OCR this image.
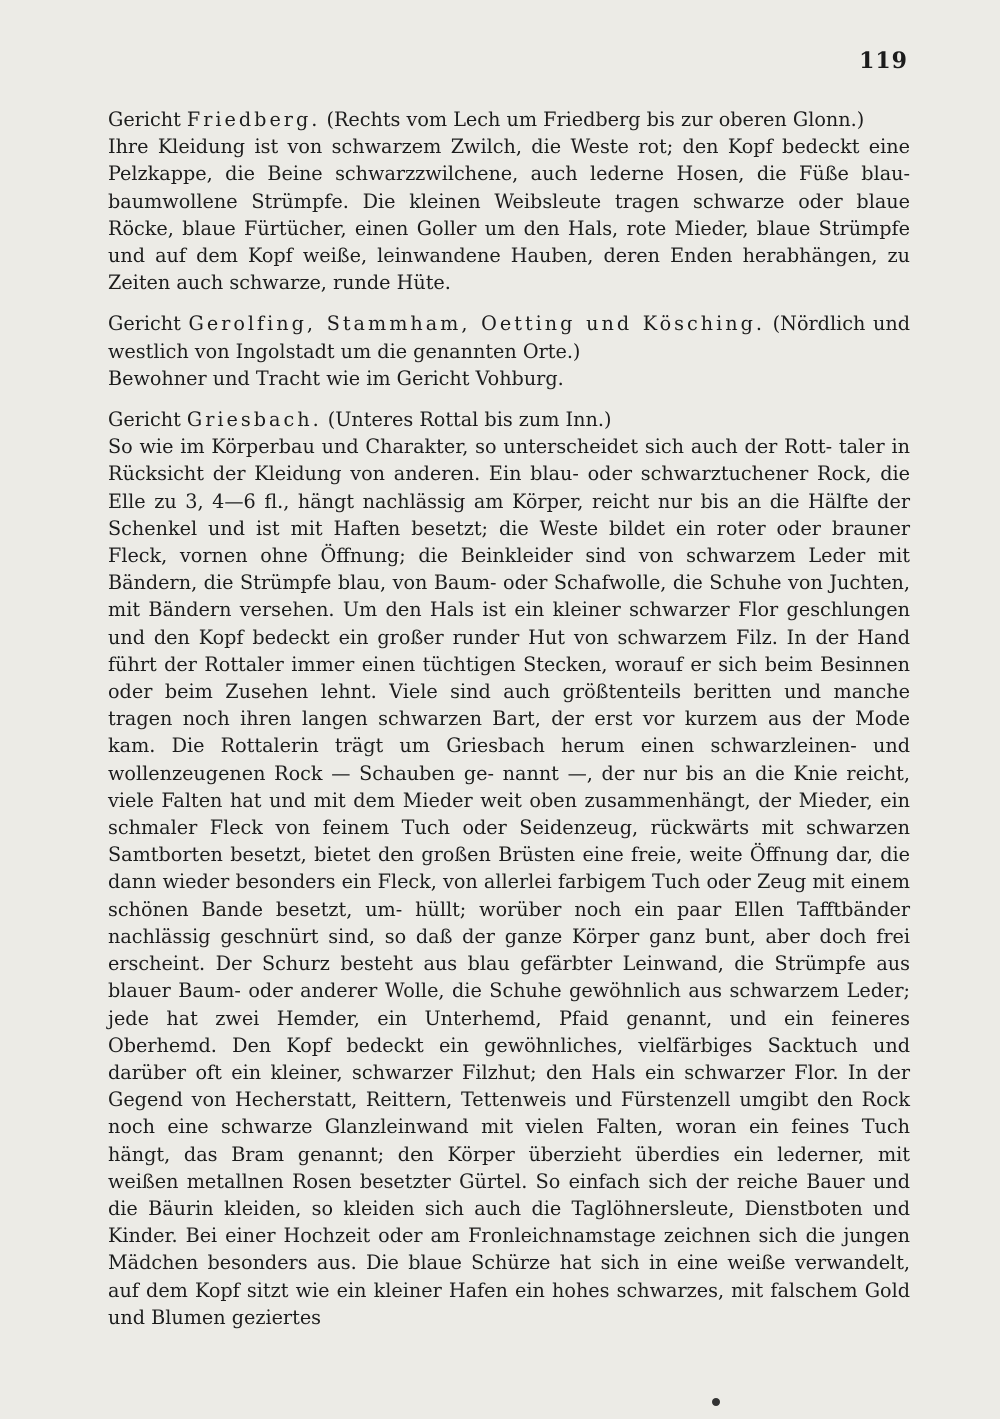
119

Gericht Friedberg. (Rechts vom Lech um Friedberg bis zur oberen Glonn.)

Ihre Kleidung ist von schwarzem Zwilch, die Weste rot; den Kopf bedeckt eine Pelzkappe, die Beine schwarzzwilchene, auch lederne Hosen, die Füße blau- baumwollene Strümpfe. Die kleinen Weibsleute tragen schwarze oder blaue Röcke, blaue Fürtücher, einen Goller um den Hals, rote Mieder, blaue Strümpfe und auf dem Kopf weiße, leinwandene Hauben, deren Enden herabhängen, zu Zeiten auch schwarze, runde Hüte.

Gericht Gerolfing, Stammham, Oetting und Kösching. (Nördlich und westlich von Ingolstadt um die genannten Orte.)

Bewohner und Tracht wie im Gericht Vohburg.

Gericht Griesbach. (Unteres Rottal bis zum Inn.)

So wie im Körperbau und Charakter, so unterscheidet sich auch der Rott- taler in Rücksicht der Kleidung von anderen. Ein blau- oder schwarztuchener Rock, die Elle zu 3, 4—6 fl., hängt nachlässig am Körper, reicht nur bis an die Hälfte der Schenkel und ist mit Haften besetzt; die Weste bildet ein roter oder brauner Fleck, vornen ohne Öffnung; die Beinkleider sind von schwarzem Leder mit Bändern, die Strümpfe blau, von Baum- oder Schafwolle, die Schuhe von Juchten, mit Bändern versehen. Um den Hals ist ein kleiner schwarzer Flor geschlungen und den Kopf bedeckt ein großer runder Hut von schwarzem Filz. In der Hand führt der Rottaler immer einen tüchtigen Stecken, worauf er sich beim Besinnen oder beim Zusehen lehnt. Viele sind auch größtenteils beritten und manche tragen noch ihren langen schwarzen Bart, der erst vor kurzem aus der Mode kam. Die Rottalerin trägt um Griesbach herum einen schwarzleinen- und wollenzeugenen Rock — Schauben ge- nannt —, der nur bis an die Knie reicht, viele Falten hat und mit dem Mieder weit oben zusammenhängt, der Mieder, ein schmaler Fleck von feinem Tuch oder Seidenzeug, rückwärts mit schwarzen Samtborten besetzt, bietet den großen Brüsten eine freie, weite Öffnung dar, die dann wieder besonders ein Fleck, von allerlei farbigem Tuch oder Zeug mit einem schönen Bande besetzt, um- hüllt; worüber noch ein paar Ellen Tafftbänder nachlässig geschnürt sind, so daß der ganze Körper ganz bunt, aber doch frei erscheint. Der Schurz besteht aus blau gefärbter Leinwand, die Strümpfe aus blauer Baum- oder anderer Wolle, die Schuhe gewöhnlich aus schwarzem Leder; jede hat zwei Hemder, ein Unterhemd, Pfaid genannt, und ein feineres Oberhemd. Den Kopf bedeckt ein gewöhnliches, vielfärbiges Sacktuch und darüber oft ein kleiner, schwarzer Filzhut; den Hals ein schwarzer Flor. In der Gegend von Hecherstatt, Reittern, Tettenweis und Fürstenzell umgibt den Rock noch eine schwarze Glanzleinwand mit vielen Falten, woran ein feines Tuch hängt, das Bram genannt; den Körper überzieht überdies ein lederner, mit weißen metallnen Rosen besetzter Gürtel. So einfach sich der reiche Bauer und die Bäurin kleiden, so kleiden sich auch die Taglöhnersleute, Dienstboten und Kinder. Bei einer Hochzeit oder am Fronleichnamstage zeichnen sich die jungen Mädchen besonders aus. Die blaue Schürze hat sich in eine weiße verwandelt, auf dem Kopf sitzt wie ein kleiner Hafen ein hohes schwarzes, mit falschem Gold und Blumen geziertes
